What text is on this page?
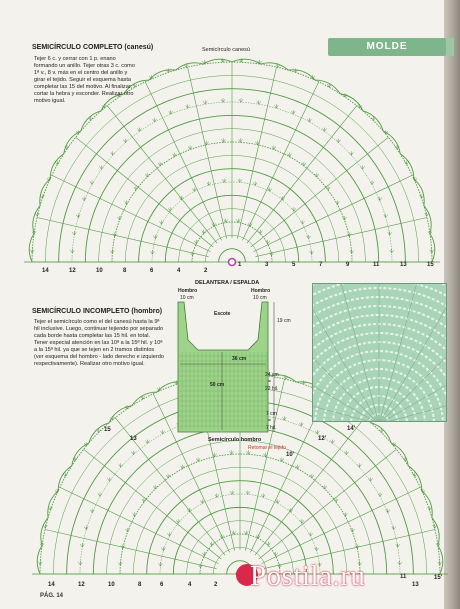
MOLDE
SEMICÍRCULO COMPLETO (canesú)	Semicírculo canesú
Tejer 6 c. y cerrar con 1 p. enano formando un anillo. Tejer otras 3 c. como 1ª v., 8 v. más en el centro del anillo y girar el tejido. Seguir el esquema hasta completar las 15 del motivo. Al finalizar, cortar la hebra y esconder. Realizar otro motivo igual.
14	12	10	8	6	4	2
1	3	5	7	9	11	13	15
SEMICÍRCULO INCOMPLETO (hombro)
Tejer el semicírculo como el del canesú hasta la 9ª hil inclusive. Luego, continuar tejiendo por separado cada borde hasta completar las 15 hil. en total. Tener especial atención en las 10ª a la 15ª hil. y 10ª a la 15ª hil. ya que se tejen en 2 tramos distintos (ver esquema del hombro - lado derecho e izquierdo respectivamente). Realizar otro motivo igual.
DELANTERA / ESPALDA
Hombro	Hombro
10 cm	10 cm
Escote
19 cm
36 cm
50 cm
24 cm
=
22 hil.
7 cm
=
7 hil.
Semicírculo hombro
Retomar el tejido
15
13
14	12	10	8	6	4	2
14'
12'
10'
11
13
15'
PÁG. 14
Postila.ru
